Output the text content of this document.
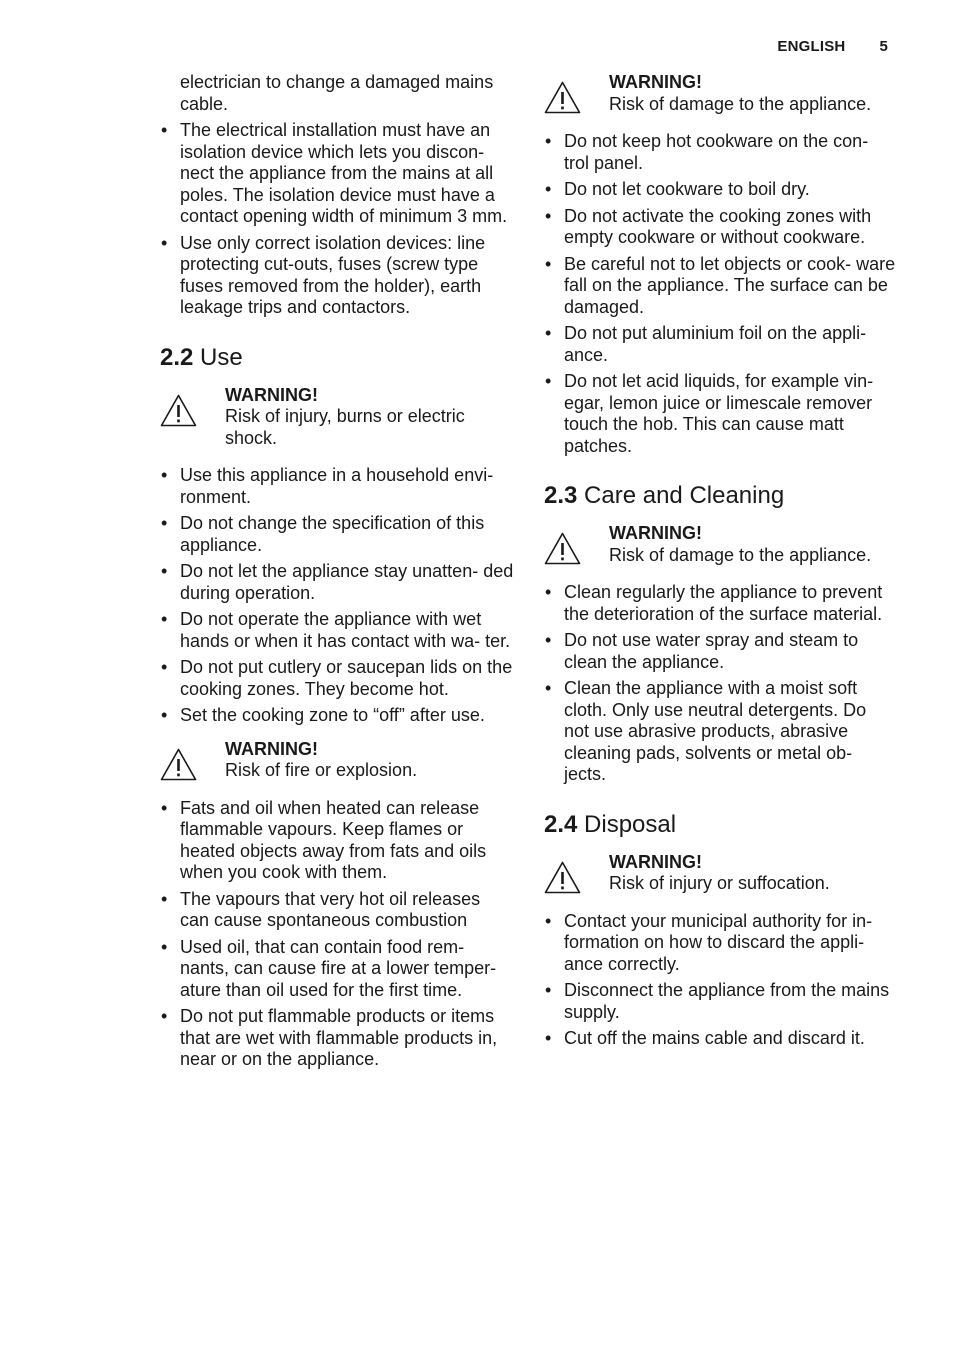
ENGLISH 5

electrician to change a damaged mains cable.

• The electrical installation must have an isolation device which lets you discon- nect the appliance from the mains at all poles. The isolation device must have a contact opening width of minimum 3 mm.
• Use only correct isolation devices: line protecting cut-outs, fuses (screw type fuses removed from the holder), earth leakage trips and contactors.
2.2 Use
WARNING!
Risk of injury, burns or electric shock.
• Use this appliance in a household envi- ronment.
• Do not change the specification of this appliance.
• Do not let the appliance stay unatten- ded during operation.
• Do not operate the appliance with wet hands or when it has contact with wa- ter.
• Do not put cutlery or saucepan lids on the cooking zones. They become hot.
• Set the cooking zone to “off” after use.
WARNING!
Risk of fire or explosion.
• Fats and oil when heated can release flammable vapours. Keep flames or heated objects away from fats and oils when you cook with them.
• The vapours that very hot oil releases can cause spontaneous combustion
• Used oil, that can contain food rem- nants, can cause fire at a lower temper- ature than oil used for the first time.
• Do not put flammable products or items that are wet with flammable products in, near or on the appliance.
WARNING!
Risk of damage to the appliance.
• Do not keep hot cookware on the con- trol panel.
• Do not let cookware to boil dry.
• Do not activate the cooking zones with empty cookware or without cookware.
• Be careful not to let objects or cook- ware fall on the appliance. The surface can be damaged.
• Do not put aluminium foil on the appli- ance.
• Do not let acid liquids, for example vin- egar, lemon juice or limescale remover touch the hob. This can cause matt patches.
2.3 Care and Cleaning
WARNING!
Risk of damage to the appliance.
• Clean regularly the appliance to prevent the deterioration of the surface material.
• Do not use water spray and steam to clean the appliance.
• Clean the appliance with a moist soft cloth. Only use neutral detergents. Do not use abrasive products, abrasive cleaning pads, solvents or metal ob- jects.
2.4 Disposal
WARNING!
Risk of injury or suffocation.
• Contact your municipal authority for in- formation on how to discard the appli- ance correctly.
• Disconnect the appliance from the mains supply.
• Cut off the mains cable and discard it.
